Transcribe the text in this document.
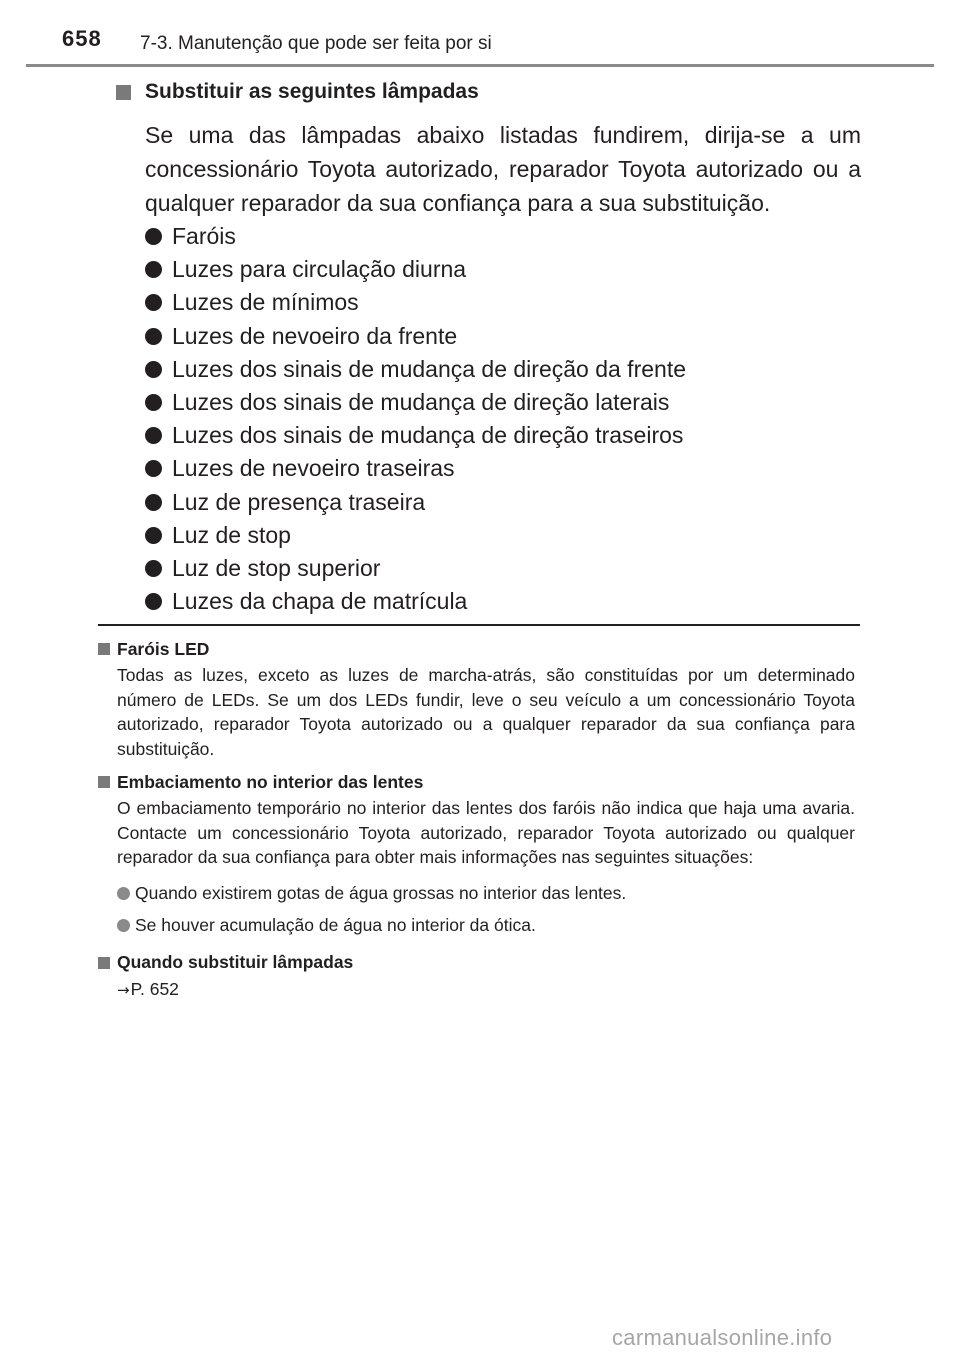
658 7-3. Manutenção que pode ser feita por si
Substituir as seguintes lâmpadas

Se uma das lâmpadas abaixo listadas fundirem, dirija-se a um concessionário Toyota autorizado, reparador Toyota autorizado ou a qualquer reparador da sua confiança para a sua substituição.

Faróis
Luzes para circulação diurna
Luzes de mínimos
Luzes de nevoeiro da frente
Luzes dos sinais de mudança de direção da frente
Luzes dos sinais de mudança de direção laterais
Luzes dos sinais de mudança de direção traseiros
Luzes de nevoeiro traseiras
Luz de presença traseira
Luz de stop
Luz de stop superior
Luzes da chapa de matrícula
Faróis LED
Todas as luzes, exceto as luzes de marcha-atrás, são constituídas por um determinado número de LEDs. Se um dos LEDs fundir, leve o seu veículo a um concessionário Toyota autorizado, reparador Toyota autorizado ou a qualquer reparador da sua confiança para substituição.
Embaciamento no interior das lentes
O embaciamento temporário no interior das lentes dos faróis não indica que haja uma avaria. Contacte um concessionário Toyota autorizado, reparador Toyota autorizado ou qualquer reparador da sua confiança para obter mais informações nas seguintes situações:
Quando existirem gotas de água grossas no interior das lentes.
Se houver acumulação de água no interior da ótica.
Quando substituir lâmpadas
→P. 652
carmanualsonline.info
